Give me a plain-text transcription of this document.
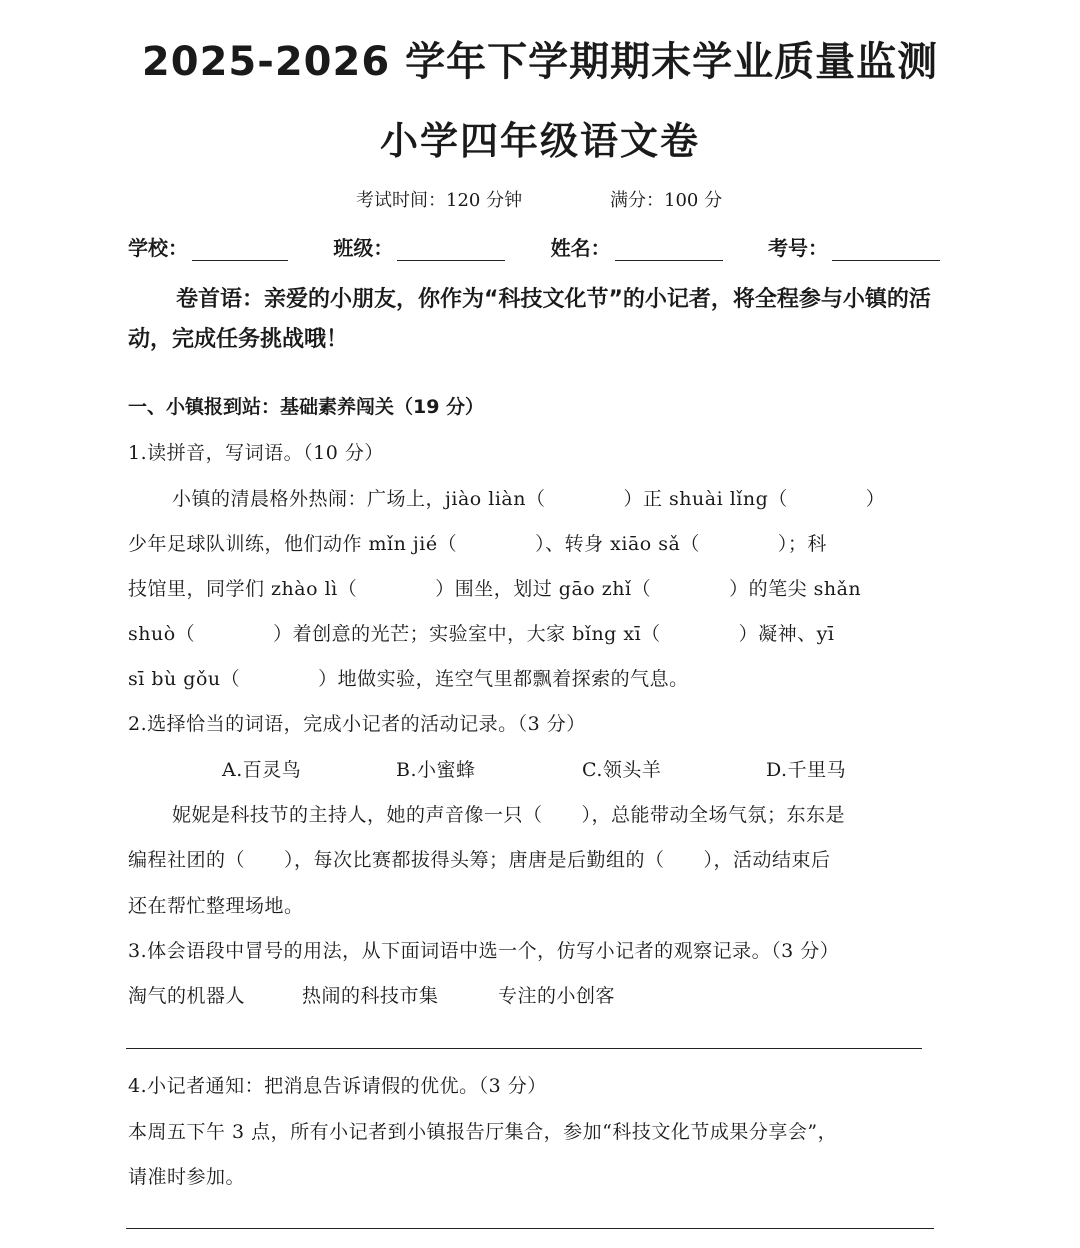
2025-2026 学年下学期期末学业质量监测
小学四年级语文卷
考试时间：120 分钟	满分：100 分
学校：	班级：	姓名：	考号：
卷首语：亲爱的小朋友，你作为“科技文化节”的小记者，将全程参与小镇的活动，完成任务挑战哦！
一、小镇报到站：基础素养闯关（19 分）
1.读拼音，写词语。（10 分）
小镇的清晨格外热闹：广场上，jiào liàn（　　　　）正 shuài lǐng（　　　　）
少年足球队训练，他们动作 mǐn jié（　　　　）、转身 xiāo sǎ（　　　　）；科
技馆里，同学们 zhào lì（　　　　）围坐，划过 gāo zhǐ（　　　　）的笔尖 shǎn
shuò（　　　　）着创意的光芒；实验室中，大家 bǐng xī（　　　　）凝神、yī
sī bù gǒu（　　　　）地做实验，连空气里都飘着探索的气息。
2.选择恰当的词语，完成小记者的活动记录。（3 分）
A.百灵鸟	B.小蜜蜂	C.领头羊	D.千里马
妮妮是科技节的主持人，她的声音像一只（　　），总能带动全场气氛；东东是
编程社团的（　　），每次比赛都拔得头筹；唐唐是后勤组的（　　），活动结束后
还在帮忙整理场地。
3.体会语段中冒号的用法，从下面词语中选一个，仿写小记者的观察记录。（3 分）
淘气的机器人	热闹的科技市集	专注的小创客
4.小记者通知：把消息告诉请假的优优。（3 分）
本周五下午 3 点，所有小记者到小镇报告厅集合，参加“科技文化节成果分享会”，
请准时参加。
